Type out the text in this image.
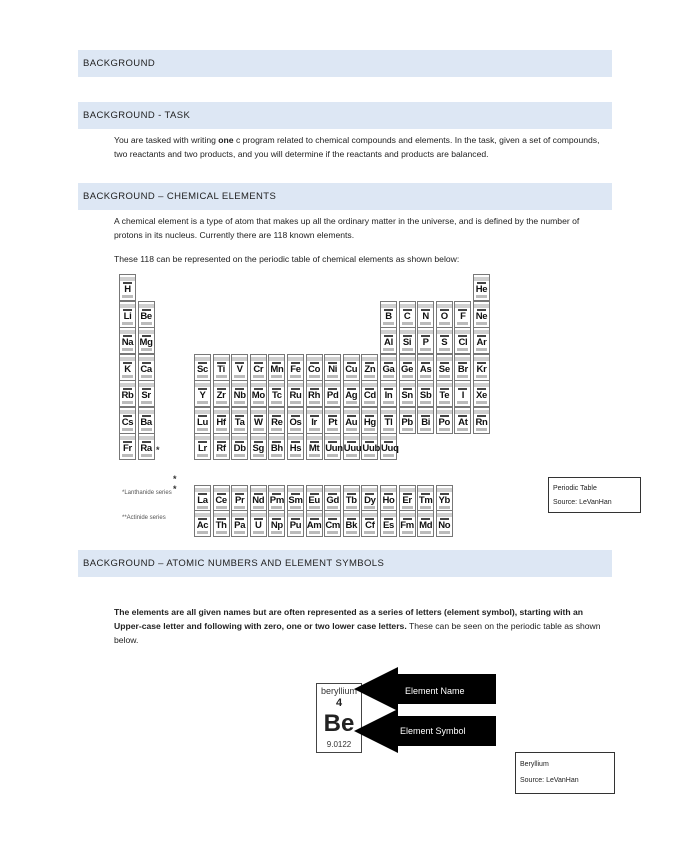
BACKGROUND
BACKGROUND - TASK
You are tasked with writing one c program related to chemical compounds and elements. In the task, given a set of compounds, two reactants and two products, and you will determine if the reactants and products are balanced.
BACKGROUND – CHEMICAL ELEMENTS
A chemical element is a type of atom that makes up all the ordinary matter in the universe, and is defined by the number of protons in its nucleus. Currently there are 118 known elements.
These 118 can be represented on the periodic table of chemical elements as shown below:
*
* *
H	He
Li Be	B	C	N	O	F	Ne
Na Mg	Al	Si	P	S	Cl Ar
K	Ca	Sc Ti	V	Cr Mn Fe Co Ni Cu Zn Ga Ge As Se Br Kr
Rb Sr	Y	Zr Nb Mo Tc Ru Rh Pd Ag Cd In Sn Sb Te	I	Xe
Cs Ba	Lu Hf Ta W Re Os	Ir	Pt Au Hg Tl Pb Bi Po At Rn
Fr Ra	Lr Rf Db Sg Bh Hs Mt Uun Uuu Uub Uuq
La Ce Pr Nd Pm Sm Eu Gd Tb Dy Ho Er Tm Yb
Ac Th Pa	U Np Pu Am Cm Bk Cf Es Fm Md No
*Lanthanide series
**Actinide series
Periodic Table
Source: LeVanHan
BACKGROUND – ATOMIC NUMBERS AND ELEMENT SYMBOLS
The elements are all given names but are often represented as a series of letters (element symbol), starting with an Upper-case letter and following with zero, one or two lower case letters. These can be seen on the periodic table as shown below.
beryllium
4
Be
9.0122
Element Name
Element Symbol
Beryllium
Source: LeVanHan
